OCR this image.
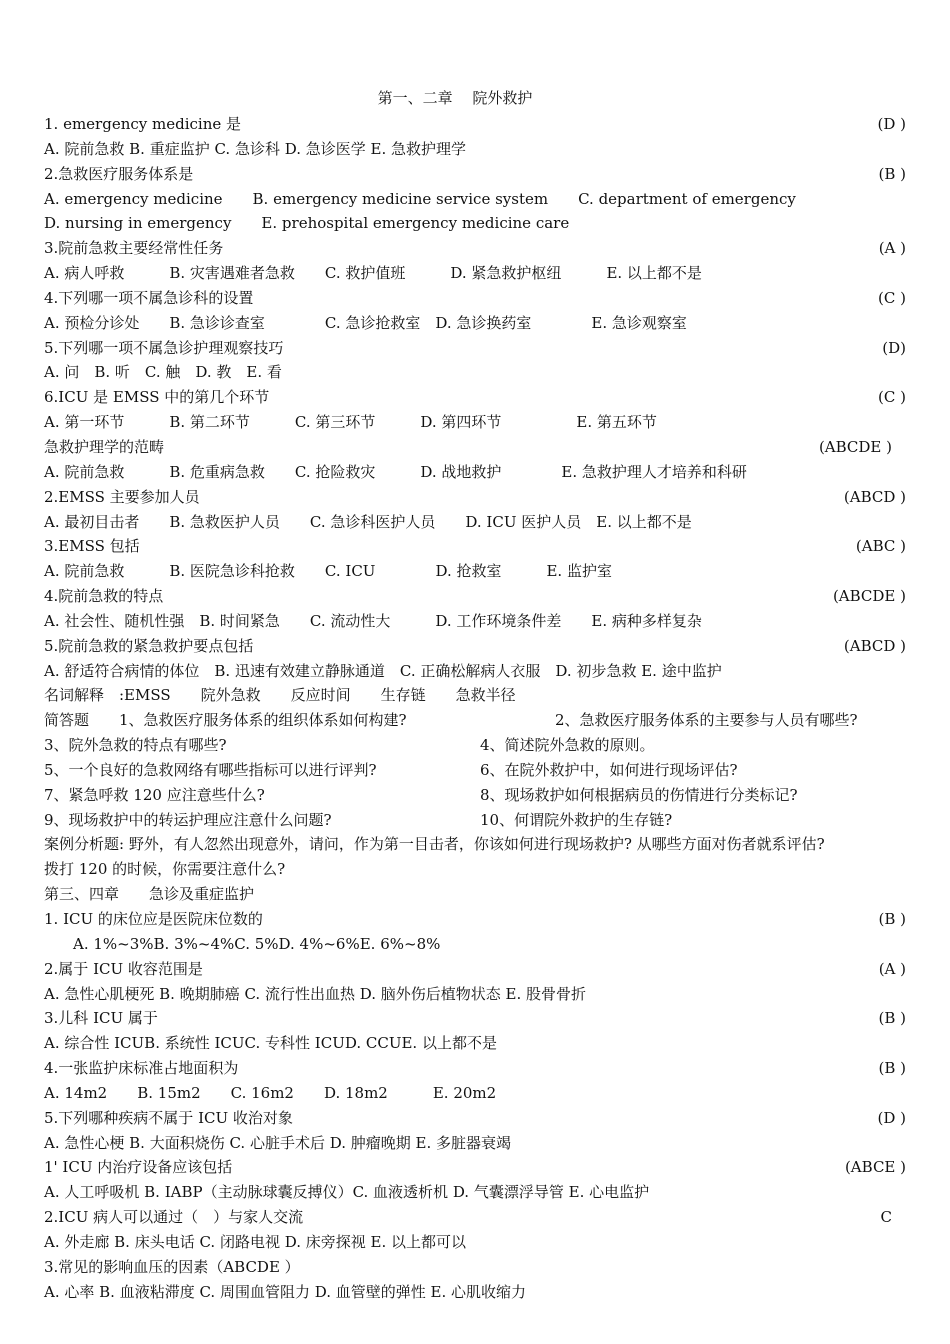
第一、二章　 院外救护
1. emergency medicine 是	(D )
A. 院前急救 B. 重症监护 C. 急诊科 D. 急诊医学 E. 急救护理学
2.急救医疗服务体系是	(B )
A. emergency medicine　　B. emergency medicine service system　　C. department of emergency
D. nursing in emergency　　E. prehospital emergency medicine care
3.院前急救主要经常性任务	(A )
A. 病人呼救　　　B. 灾害遇难者急救　　C. 救护值班　　　D. 紧急救护枢纽　　　E. 以上都不是
4.下列哪一项不属急诊科的设置	(C )
A. 预检分诊处　　B. 急诊诊查室　　　　C. 急诊抢救室　D. 急诊换药室　　　　E. 急诊观察室
5.下列哪一项不属急诊护理观察技巧	(D)
A. 问　B. 听　C. 触　D. 教　E. 看
6.ICU 是 EMSS 中的第几个环节	(C )
A. 第一环节　　　B. 第二环节　　　C. 第三环节　　　D. 第四环节　　　　　E. 第五环节
急救护理学的范畴	(ABCDE )
A. 院前急救　　　B. 危重病急救　　C. 抢险救灾　　　D. 战地救护　　　　E. 急救护理人才培养和科研
2.EMSS 主要参加人员	(ABCD )
A. 最初目击者　　B. 急救医护人员　　C. 急诊科医护人员　　D. ICU 医护人员　E. 以上都不是
3.EMSS 包括	(ABC )
A. 院前急救　　　B. 医院急诊科抢救　　C. ICU　　　　D. 抢救室　　　E. 监护室
4.院前急救的特点	(ABCDE )
A. 社会性、随机性强　B. 时间紧急　　C. 流动性大　　　D. 工作环境条件差　　E. 病种多样复杂
5.院前急救的紧急救护要点包括	(ABCD )
A. 舒适符合病情的体位　B. 迅速有效建立静脉通道　C. 正确松解病人衣服　D. 初步急救 E. 途中监护
名词解释　:EMSS　　院外急救　　反应时间　　生存链　　急救半径
简答题　　1、急救医疗服务体系的组织体系如何构建?	2、急救医疗服务体系的主要参与人员有哪些?
3、院外急救的特点有哪些?	4、简述院外急救的原则。
5、一个良好的急救网络有哪些指标可以进行评判?	6、在院外救护中，如何进行现场评估?
7、紧急呼救 120 应注意些什么?	8、现场救护如何根据病员的伤情进行分类标记?
9、现场救护中的转运护理应注意什么问题?	10、何谓院外救护的生存链?
案例分析题: 野外，有人忽然出现意外，请问，作为第一目击者，你该如何进行现场救护? 从哪些方面对伤者就系评估?
拨打 120 的时候，你需要注意什么?
第三、四章　　急诊及重症监护
1. ICU 的床位应是医院床位数的	(B )
A. 1%~3%B. 3%~4%C. 5%D. 4%~6%E. 6%~8%
2.属于 ICU 收容范围是	(A )
A. 急性心肌梗死 B. 晚期肺癌 C. 流行性出血热 D. 脑外伤后植物状态 E. 股骨骨折
3.儿科 ICU 属于	(B )
A. 综合性 ICUB. 系统性 ICUC. 专科性 ICUD. CCUE. 以上都不是
4.一张监护床标准占地面积为	(B )
A. 14m2　　B. 15m2　　C. 16m2　　D. 18m2　　　E. 20m2
5.下列哪种疾病不属于 ICU 收治对象	(D )
A. 急性心梗 B. 大面积烧伤 C. 心脏手术后 D. 肿瘤晚期 E. 多脏器衰竭
1' ICU 内治疗设备应该包括	(ABCE )
A. 人工呼吸机 B. IABP（主动脉球囊反搏仪）C. 血液透析机 D. 气囊漂浮导管 E. 心电监护
2.ICU 病人可以通过（　）与家人交流	C
A. 外走廊 B. 床头电话 C. 闭路电视 D. 床旁探视 E. 以上都可以
3.常见的影响血压的因素（ABCDE ）
A. 心率 B. 血液粘滞度 C. 周围血管阻力 D. 血管壁的弹性 E. 心肌收缩力
